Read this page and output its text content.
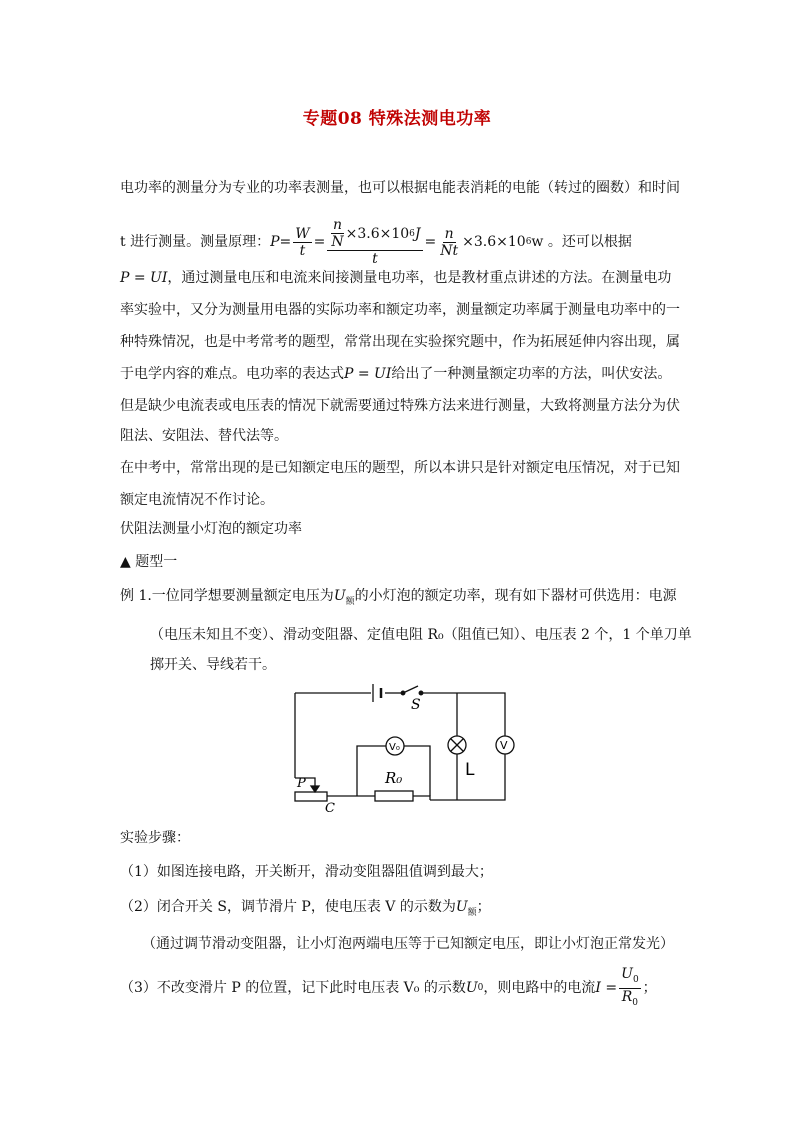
专题08 特殊法测电功率
电功率的测量分为专业的功率表测量，也可以根据电能表消耗的电能（转过的圈数）和时间
t 进行测量。测量原理： $P = \frac{W}{t} = \frac{\frac{n}{N} \times 3.6\times 10 6 J}{t} = \frac{n}{Nt} \times 3.6\times 10$ 6 w 。还可以根据
P = UI，通过测量电压和电流来间接测量电功率，也是教材重点讲述的方法。在测量电功
率实验中，又分为测量用电器的实际功率和额定功率，测量额定功率属于测量电功率中的一
种特殊情况，也是中考常考的题型，常常出现在实验探究题中，作为拓展延伸内容出现，属
于电学内容的难点。电功率的表达式P = UI给出了一种测量额定功率的方法，叫伏安法。
但是缺少电流表或电压表的情况下就需要通过特殊方法来进行测量，大致将测量方法分为伏
阻法、安阻法、替代法等。
在中考中，常常出现的是已知额定电压的题型，所以本讲只是针对额定电压情况，对于已知
额定电流情况不作讨论。
伏阻法测量小灯泡的额定功率
▲ 题型一
例 1.一位同学想要测量额定电压为$U_额$的小灯泡的额定功率，现有如下器材可供选用：电源
（电压未知且不变）、滑动变阻器、定值电阻 R₀（阻值已知）、电压表 2 个，1 个单刀单
掷开关、导线若干。
S
V₀	V
R₀	L
P
C
实验步骤：
（1）如图连接电路，开关断开，滑动变阻器阻值调到最大；
（2）闭合开关 S，调节滑片 P，使电压表 V 的示数为$U_额$；
（通过调节滑动变阻器，让小灯泡两端电压等于已知额定电压，即让小灯泡正常发光）
（3）不改变滑片 P 的位置，记下此时电压表 V₀ 的示数 U 0 ，则电路中的电流 $I = \frac{U_0}{R_0}$ ；
